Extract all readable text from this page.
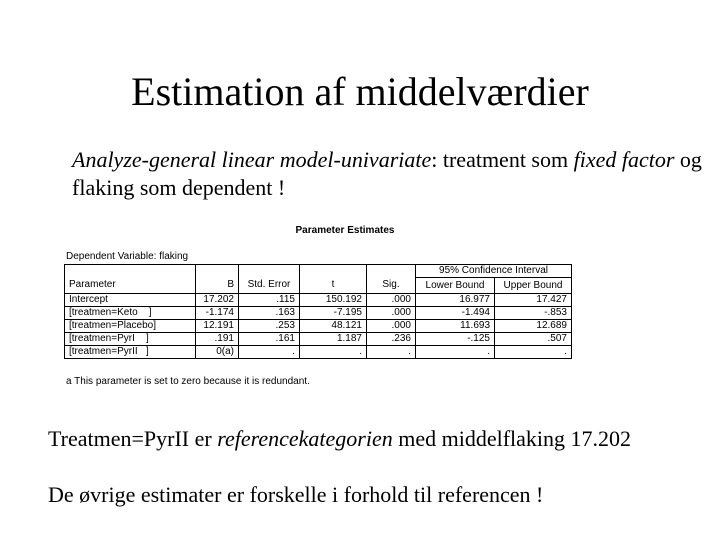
Estimation af middelværdier
Analyze-general linear model-univariate: treatment som fixed factor og flaking som dependent !
Parameter Estimates
Dependent Variable: flaking
					95% Confidence Interval	
Parameter	B	Std. Error	t	Sig.	Lower Bound	Upper Bound
Intercept	17.202	.115	150.192	.000	16.977	17.427
[treatmen=Keto    ]	-1.174	.163	-7.195	.000	-1.494	-.853
[treatmen=Placebo]	12.191	.253	48.121	.000	11.693	12.689
[treatmen=PyrI    ]	.191	.161	1.187	.236	-.125	.507
[treatmen=PyrII   ]	0(a)	.	.	.	.	.
a This parameter is set to zero because it is redundant.
Treatmen=PyrII er referencekategorien med middelflaking 17.202
De øvrige estimater er forskelle i forhold til referencen !
